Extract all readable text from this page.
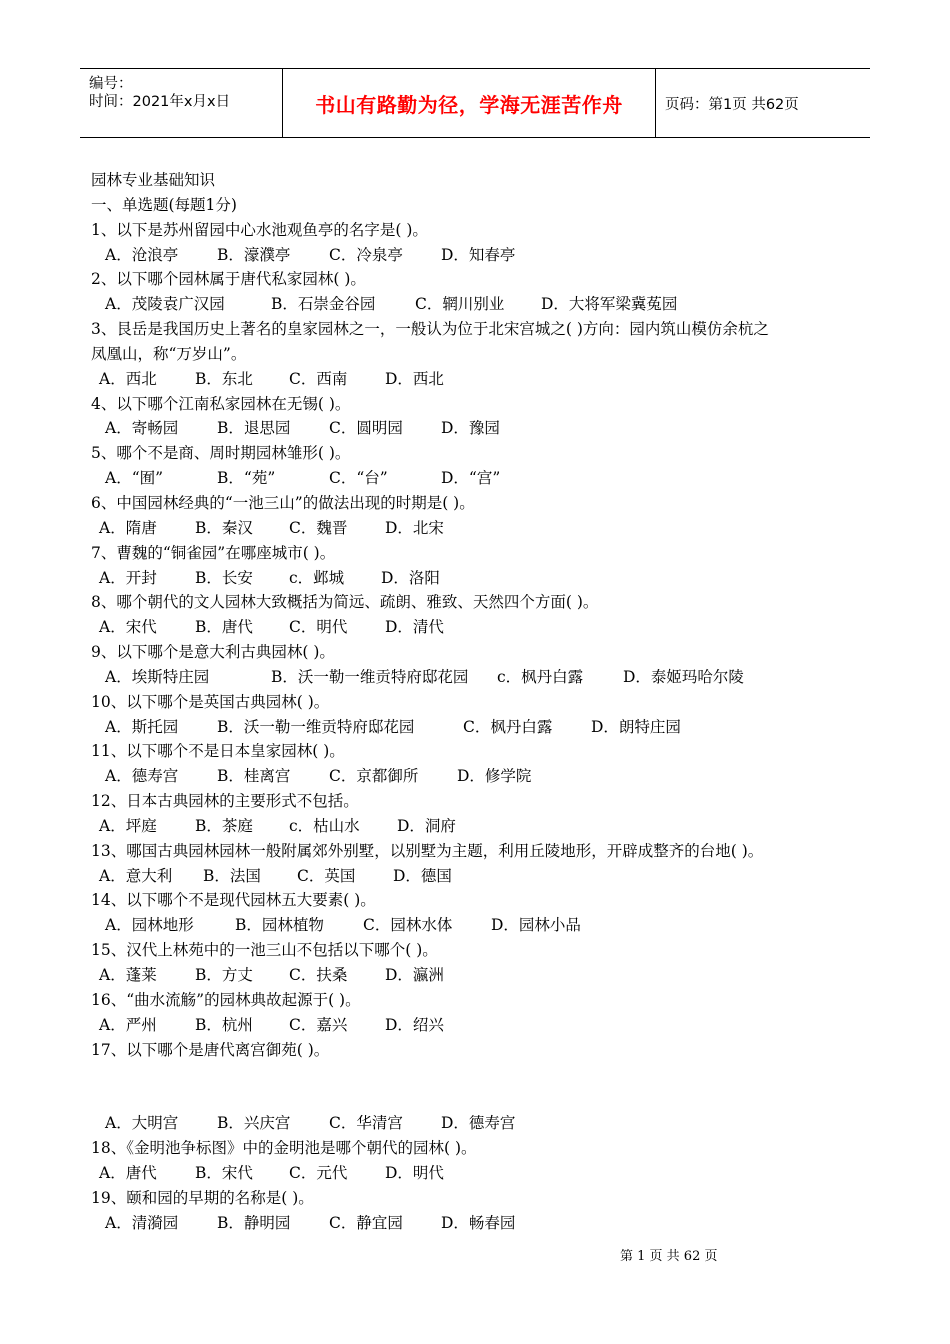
编号：
时间：2021年x月x日	书山有路勤为径，学海无涯苦作舟	页码：第1页 共62页
园林专业基础知识
一、单选题(每题1分)
1、以下是苏州留园中心水池观鱼亭的名字是( )。
A．沧浪亭	B．濠濮亭 C．冷泉亭 D．知春亭
2、以下哪个园林属于唐代私家园林( )。
A．茂陵袁广汉园	B．石崇金谷园	C．辋川别业 D．大将军梁冀菟园
3、艮岳是我国历史上著名的皇家园林之一，一般认为位于北宋宫城之( )方向：园内筑山模仿余杭之
凤凰山，称“万岁山”。
A．西北 B．东北 C．西南 D．西北
4、以下哪个江南私家园林在无锡( )。
A．寄畅园	B．退思园 C．圆明园 D．豫园
5、哪个不是商、周时期园林雏形( )。
A．“囿”	B．“苑”	C．“台”	D．“宫”
6、中国园林经典的“一池三山”的做法出现的时期是( )。
A．隋唐 B．秦汉 C．魏晋 D．北宋
7、曹魏的“铜雀园”在哪座城市( )。
A．开封 B．长安 c．邺城 D．洛阳
8、哪个朝代的文人园林大致概括为简远、疏朗、雅致、天然四个方面( )。
A．宋代 B．唐代 C．明代 D．清代
9、以下哪个是意大利古典园林( )。
A．埃斯特庄园	B．沃一勒一维贡特府邸花园 c．枫丹白露	D．泰姬玛哈尔陵
10、以下哪个是英国古典园林( )。
A．斯托园	B．沃一勒一维贡特府邸花园	C．枫丹白露 D．朗特庄园
11、以下哪个不是日本皇家园林( )。
A．德寿宫	B．桂离宫 C．京都御所 D．修学院
12、日本古典园林的主要形式不包括。
A．坪庭 B．茶庭 c．枯山水 D．洞府
13、哪国古典园林园林一般附属郊外别墅，以别墅为主题，利用丘陵地形，开辟成整齐的台地( )。
A．意大利 B．法国 C．英国 D．德国
14、以下哪个不是现代园林五大要素( )。
A．园林地形	B．园林植物	C．园林水体 D．园林小品
15、汉代上林苑中的一池三山不包括以下哪个( )。
A．蓬莱 B．方丈 C．扶桑 D．瀛洲
16、“曲水流觞”的园林典故起源于( )。
A．严州 B．杭州 C．嘉兴 D．绍兴
17、以下哪个是唐代离宫御苑( )。
A．大明宫	B．兴庆宫 C．华清宫 D．德寿宫
18、《金明池争标图》中的金明池是哪个朝代的园林( )。
A．唐代 B．宋代 C．元代 D．明代
19、颐和园的早期的名称是( )。
A．清漪园	B．静明园 C．静宜园 D．畅春园
第 1 页 共 62 页
